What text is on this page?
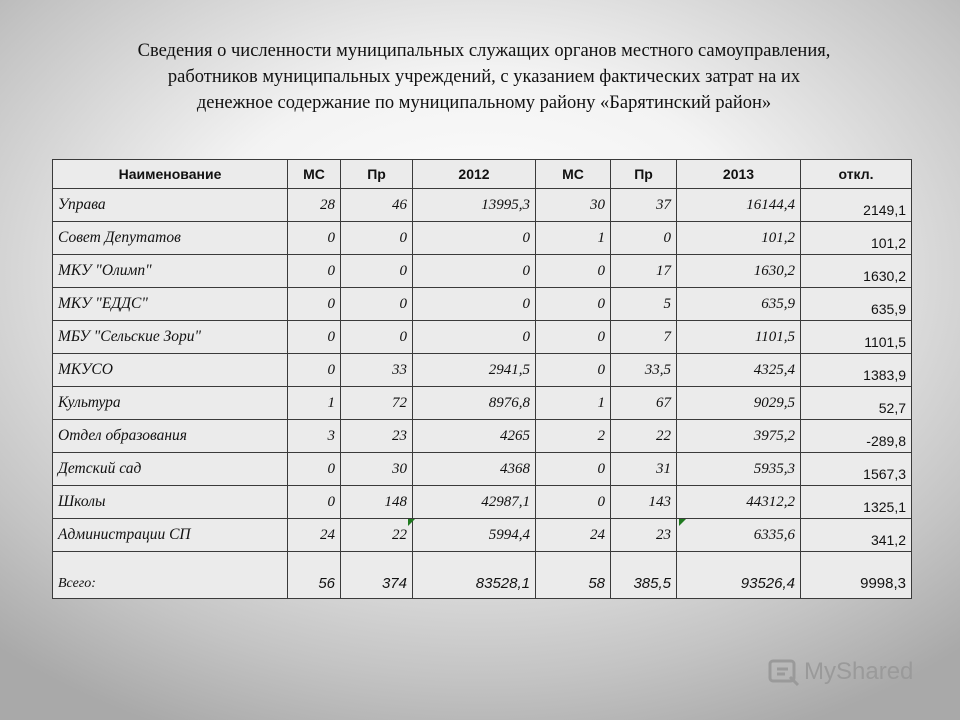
Сведения о численности муниципальных служащих органов местного самоуправления,
работников муниципальных учреждений, с указанием фактических затрат на их
денежное содержание по муниципальному району «Барятинский район»
Наименование	МС	Пр	2012	МС	Пр	2013	откл.
Управа	28	46	13995,3	30	37	16144,4	2149,1
Совет Депутатов	0	0	0	1	0	101,2	101,2
МКУ "Олимп"	0	0	0	0	17	1630,2	1630,2
МКУ "ЕДДС"	0	0	0	0	5	635,9	635,9
МБУ "Сельские Зори"	0	0	0	0	7	1101,5	1101,5
МКУСО	0	33	2941,5	0	33,5	4325,4	1383,9
Культура	1	72	8976,8	1	67	9029,5	52,7
Отдел образования	3	23	4265	2	22	3975,2	-289,8
Детский сад	0	30	4368	0	31	5935,3	1567,3
Школы	0	148	42987,1	0	143	44312,2	1325,1
Администрации СП	24	22	5994,4	24	23	6335,6	341,2
Всего:	56	374	83528,1	58	385,5	93526,4	9998,3
MyShared
